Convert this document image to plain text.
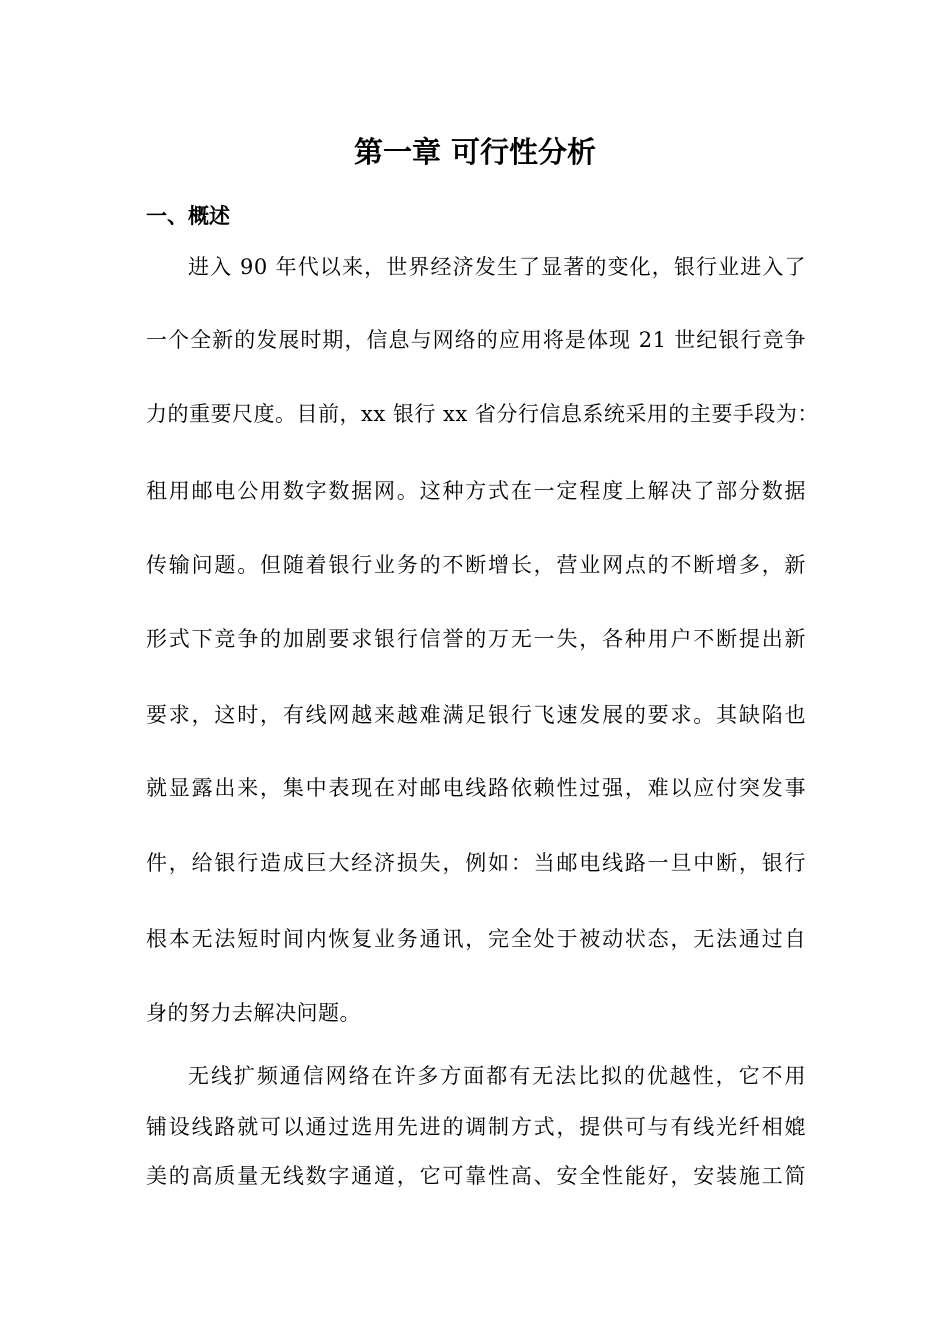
第一章 可行性分析
一、概述
进入 90 年代以来，世界经济发生了显著的变化，银行业进入了
一个全新的发展时期，信息与网络的应用将是体现 21 世纪银行竞争
力的重要尺度。目前，xx 银行 xx 省分行信息系统采用的主要手段为：
租用邮电公用数字数据网。这种方式在一定程度上解决了部分数据
传输问题。但随着银行业务的不断增长，营业网点的不断增多，新
形式下竞争的加剧要求银行信誉的万无一失，各种用户不断提出新
要求，这时，有线网越来越难满足银行飞速发展的要求。其缺陷也
就显露出来，集中表现在对邮电线路依赖性过强，难以应付突发事
件，给银行造成巨大经济损失，例如：当邮电线路一旦中断，银行
根本无法短时间内恢复业务通讯，完全处于被动状态，无法通过自
身的努力去解决问题。
无线扩频通信网络在许多方面都有无法比拟的优越性，它不用
铺设线路就可以通过选用先进的调制方式，提供可与有线光纤相媲
美的高质量无线数字通道，它可靠性高、安全性能好，安装施工简
